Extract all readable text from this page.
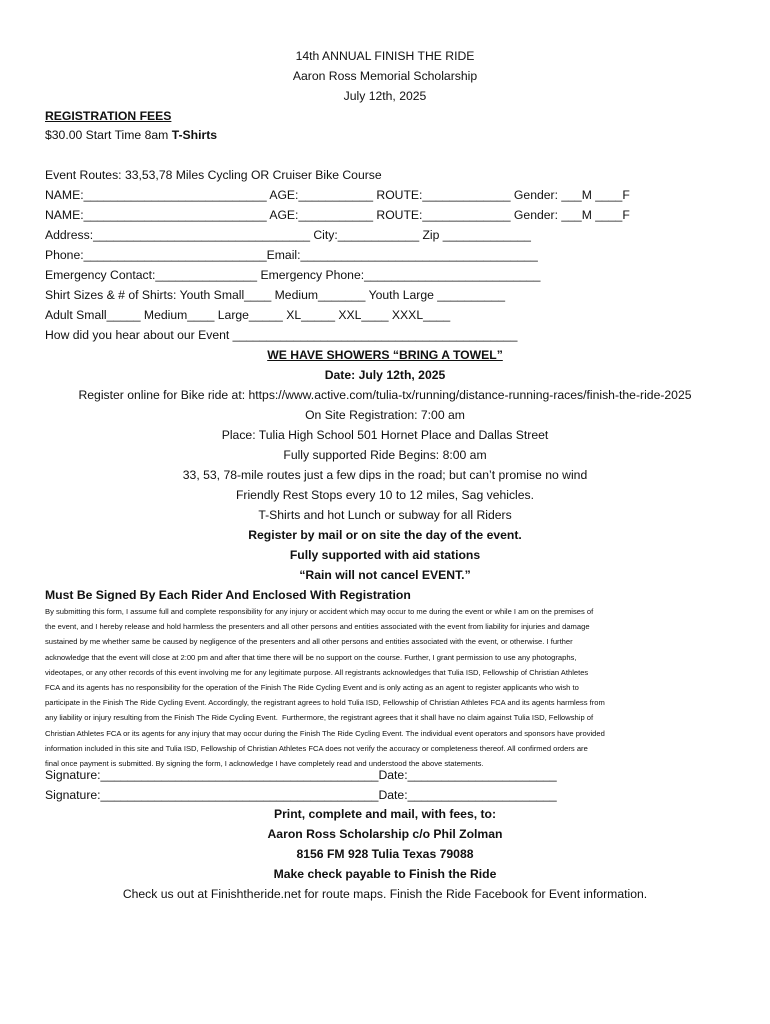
14th ANNUAL FINISH THE RIDE
Aaron Ross Memorial Scholarship
July 12th, 2025
REGISTRATION FEES
$30.00 Start Time 8am T-Shirts
Event Routes: 33,53,78 Miles Cycling OR Cruiser Bike Course
NAME:___________________________ AGE:___________ ROUTE:_____________ Gender: ___M ____F
NAME:___________________________ AGE:___________ ROUTE:_____________ Gender: ___M ____F
Address:________________________________ City:____________ Zip _____________
Phone:___________________________Email:___________________________________
Emergency Contact:_______________ Emergency Phone:__________________________
Shirt Sizes & # of Shirts: Youth Small____ Medium_______ Youth Large __________
Adult Small_____ Medium____ Large_____ XL_____ XXL____ XXXL____
How did you hear about our Event __________________________________________
WE HAVE SHOWERS “BRING A TOWEL”
Date: July 12th, 2025
Register online for Bike ride at: https://www.active.com/tulia-tx/running/distance-running-races/finish-the-ride-2025
On Site Registration: 7:00 am
Place: Tulia High School 501 Hornet Place and Dallas Street
Fully supported Ride Begins: 8:00 am
33, 53, 78-mile routes just a few dips in the road; but can’t promise no wind
Friendly Rest Stops every 10 to 12 miles, Sag vehicles.
T-Shirts and hot Lunch or subway for all Riders
Register by mail or on site the day of the event.
Fully supported with aid stations
“Rain will not cancel EVENT.”
Must Be Signed By Each Rider And Enclosed With Registration
By submitting this form, I assume full and complete responsibility for any injury or accident which may occur to me during the event or while I am on the premises of
the event, and I hereby release and hold harmless the presenters and all other persons and entities associated with the event from liability for injuries and damage
sustained by me whether same be caused by negligence of the presenters and all other persons and entities associated with the event, or otherwise. I further
acknowledge that the event will close at 2:00 pm and after that time there will be no support on the course. Further, I grant permission to use any photographs,
videotapes, or any other records of this event involving me for any legitimate purpose. All registrants acknowledges that Tulia ISD, Fellowship of Christian Athletes
FCA and its agents has no responsibility for the operation of the Finish The Ride Cycling Event and is only acting as an agent to register applicants who wish to
participate in the Finish The Ride Cycling Event. Accordingly, the registrant agrees to hold Tulia ISD, Fellowship of Christian Athletes FCA and its agents harmless from
any liability or injury resulting from the Finish The Ride Cycling Event.  Furthermore, the registrant agrees that it shall have no claim against Tulia ISD, Fellowship of
Christian Athletes FCA or its agents for any injury that may occur during the Finish The Ride Cycling Event. The individual event operators and sponsors have provided
information included in this site and Tulia ISD, Fellowship of Christian Athletes FCA does not verify the accuracy or completeness thereof. All confirmed orders are
final once payment is submitted. By signing the form, I acknowledge I have completely read and understood the above statements.
Signature:_________________________________________Date:______________________
Signature:_________________________________________Date:______________________
Print, complete and mail, with fees, to:
Aaron Ross Scholarship c/o Phil Zolman
8156 FM 928 Tulia Texas 79088
Make check payable to Finish the Ride
Check us out at Finishtheride.net for route maps. Finish the Ride Facebook for Event information.
